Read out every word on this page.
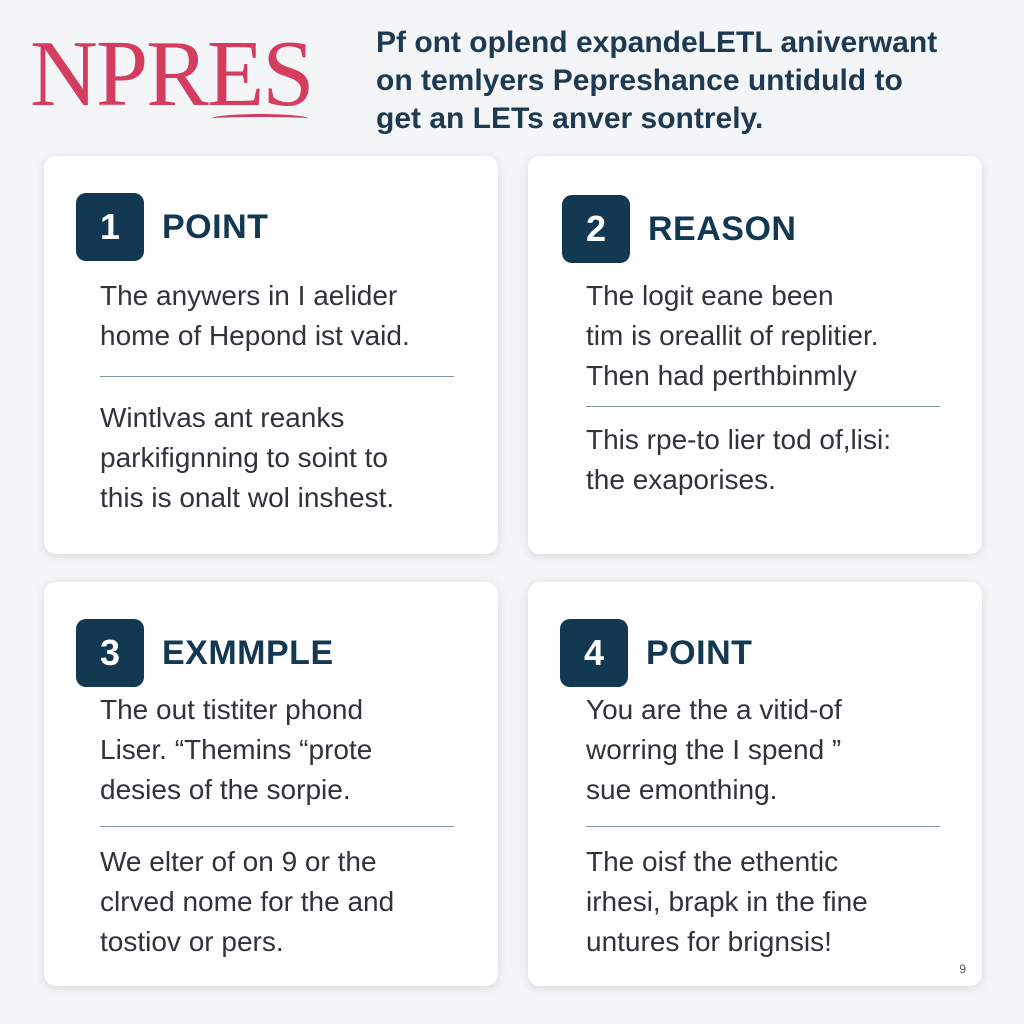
NPRES	Pf ont oplend expandeLETL aniverwant
on temlyers Pepreshance untiduld to
get an LETs anver sontrely.
1	POINT
The anywers in I aelider
home of Hepond ist vaid.
Wintlvas ant reanks
parkifignning to soint to
this is onalt wol inshest.
2	REASON
The logit eane been
tim is oreallit of replitier.
Then had perthbinmly
This rpe-to lier tod of,lisi:
the exaporises.
3	EXMMPLE
The out tistiter phond
Liser. “Themins “prote
desies of the sorpie.
We elter of on 9 or the
clrved nome for the and
tostiov or pers.
4	POINT
You are the a vitid-of
worring the I spend ”
sue emonthing.
The oisf the ethentic
irhesi, brapk in the fine
untures for brignsis!
9
